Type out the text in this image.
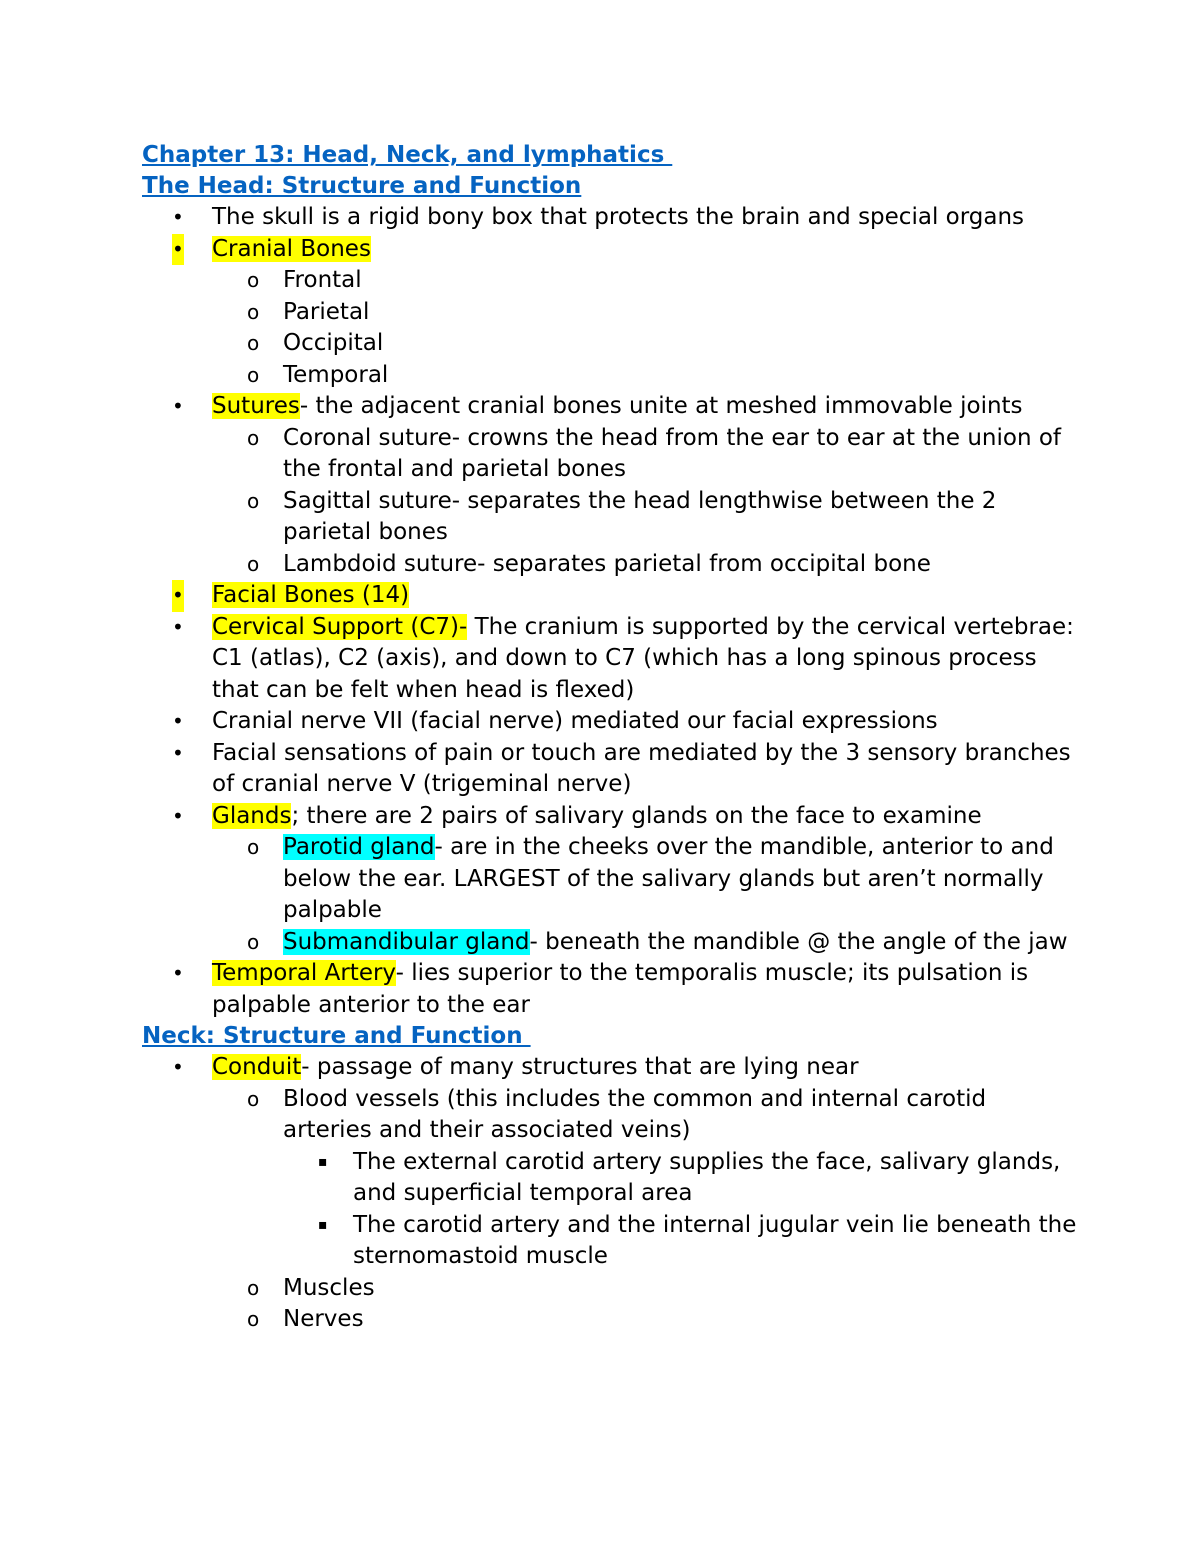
Chapter 13: Head, Neck, and lymphatics

The Head: Structure and Function

• The skull is a rigid bony box that protects the brain and special organs
• Cranial Bones
o Frontal
o Parietal
o Occipital
o Temporal
• Sutures- the adjacent cranial bones unite at meshed immovable joints
o Coronal suture- crowns the head from the ear to ear at the union of the frontal and parietal bones
o Sagittal suture- separates the head lengthwise between the 2 parietal bones
o Lambdoid suture- separates parietal from occipital bone
• Facial Bones (14)
• Cervical Support (C7)- The cranium is supported by the cervical vertebrae: C1 (atlas), C2 (axis), and down to C7 (which has a long spinous process that can be felt when head is flexed)
• Cranial nerve VII (facial nerve) mediated our facial expressions
• Facial sensations of pain or touch are mediated by the 3 sensory branches of cranial nerve V (trigeminal nerve)
• Glands; there are 2 pairs of salivary glands on the face to examine
o Parotid gland- are in the cheeks over the mandible, anterior to and below the ear. LARGEST of the salivary glands but aren’t normally palpable
o Submandibular gland- beneath the mandible @ the angle of the jaw
• Temporal Artery- lies superior to the temporalis muscle; its pulsation is palpable anterior to the ear

Neck: Structure and Function

• Conduit- passage of many structures that are lying near
o Blood vessels (this includes the common and internal carotid arteries and their associated veins)
▪ The external carotid artery supplies the face, salivary glands, and superficial temporal area
▪ The carotid artery and the internal jugular vein lie beneath the sternomastoid muscle
o Muscles
o Nerves
